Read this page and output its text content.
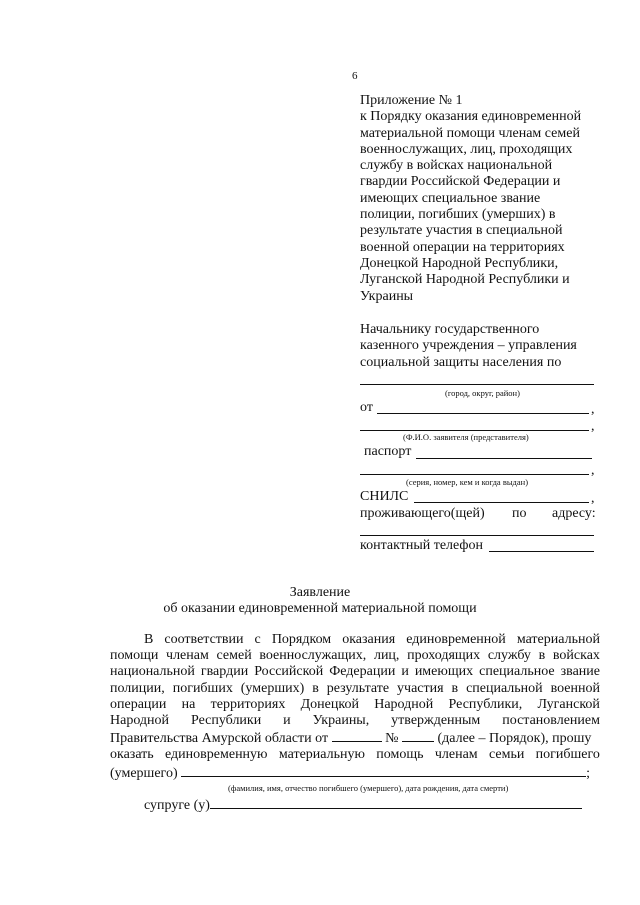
6
Приложение № 1
к Порядку оказания единовременной
материальной помощи членам семей
военнослужащих, лиц, проходящих
службу в войсках национальной
гвардии Российской Федерации и
имеющих специальное звание
полиции, погибших (умерших) в
результате участия в специальной
военной операции на территориях
Донецкой Народной Республики,
Луганской Народной Республики и
Украины
Начальнику государственного
казенного учреждения – управления
социальной защиты населения по
(город, округ, район)
от	,
,
(Ф.И.О. заявителя (представителя)
паспорт
,
(серия, номер, кем и когда выдан)
СНИЛС	,
проживающего(щей) по адресу:
контактный телефон
Заявление
об оказании единовременной материальной помощи
В соответствии с Порядком оказания единовременной материальной
помощи членам семей военнослужащих, лиц, проходящих службу в войсках
национальной гвардии Российской Федерации и имеющих специальное звание
полиции, погибших (умерших) в результате участия в специальной военной
операции на территориях Донецкой Народной Республики, Луганской
Народной Республики и Украины, утвержденным постановлением
Правительства Амурской области от	№  (далее – Порядок), прошу
оказать единовременную материальную помощь членам семьи погибшего
(умершего)	;
(фамилия, имя, отчество погибшего (умершего), дата рождения, дата смерти)
супруге (у)
